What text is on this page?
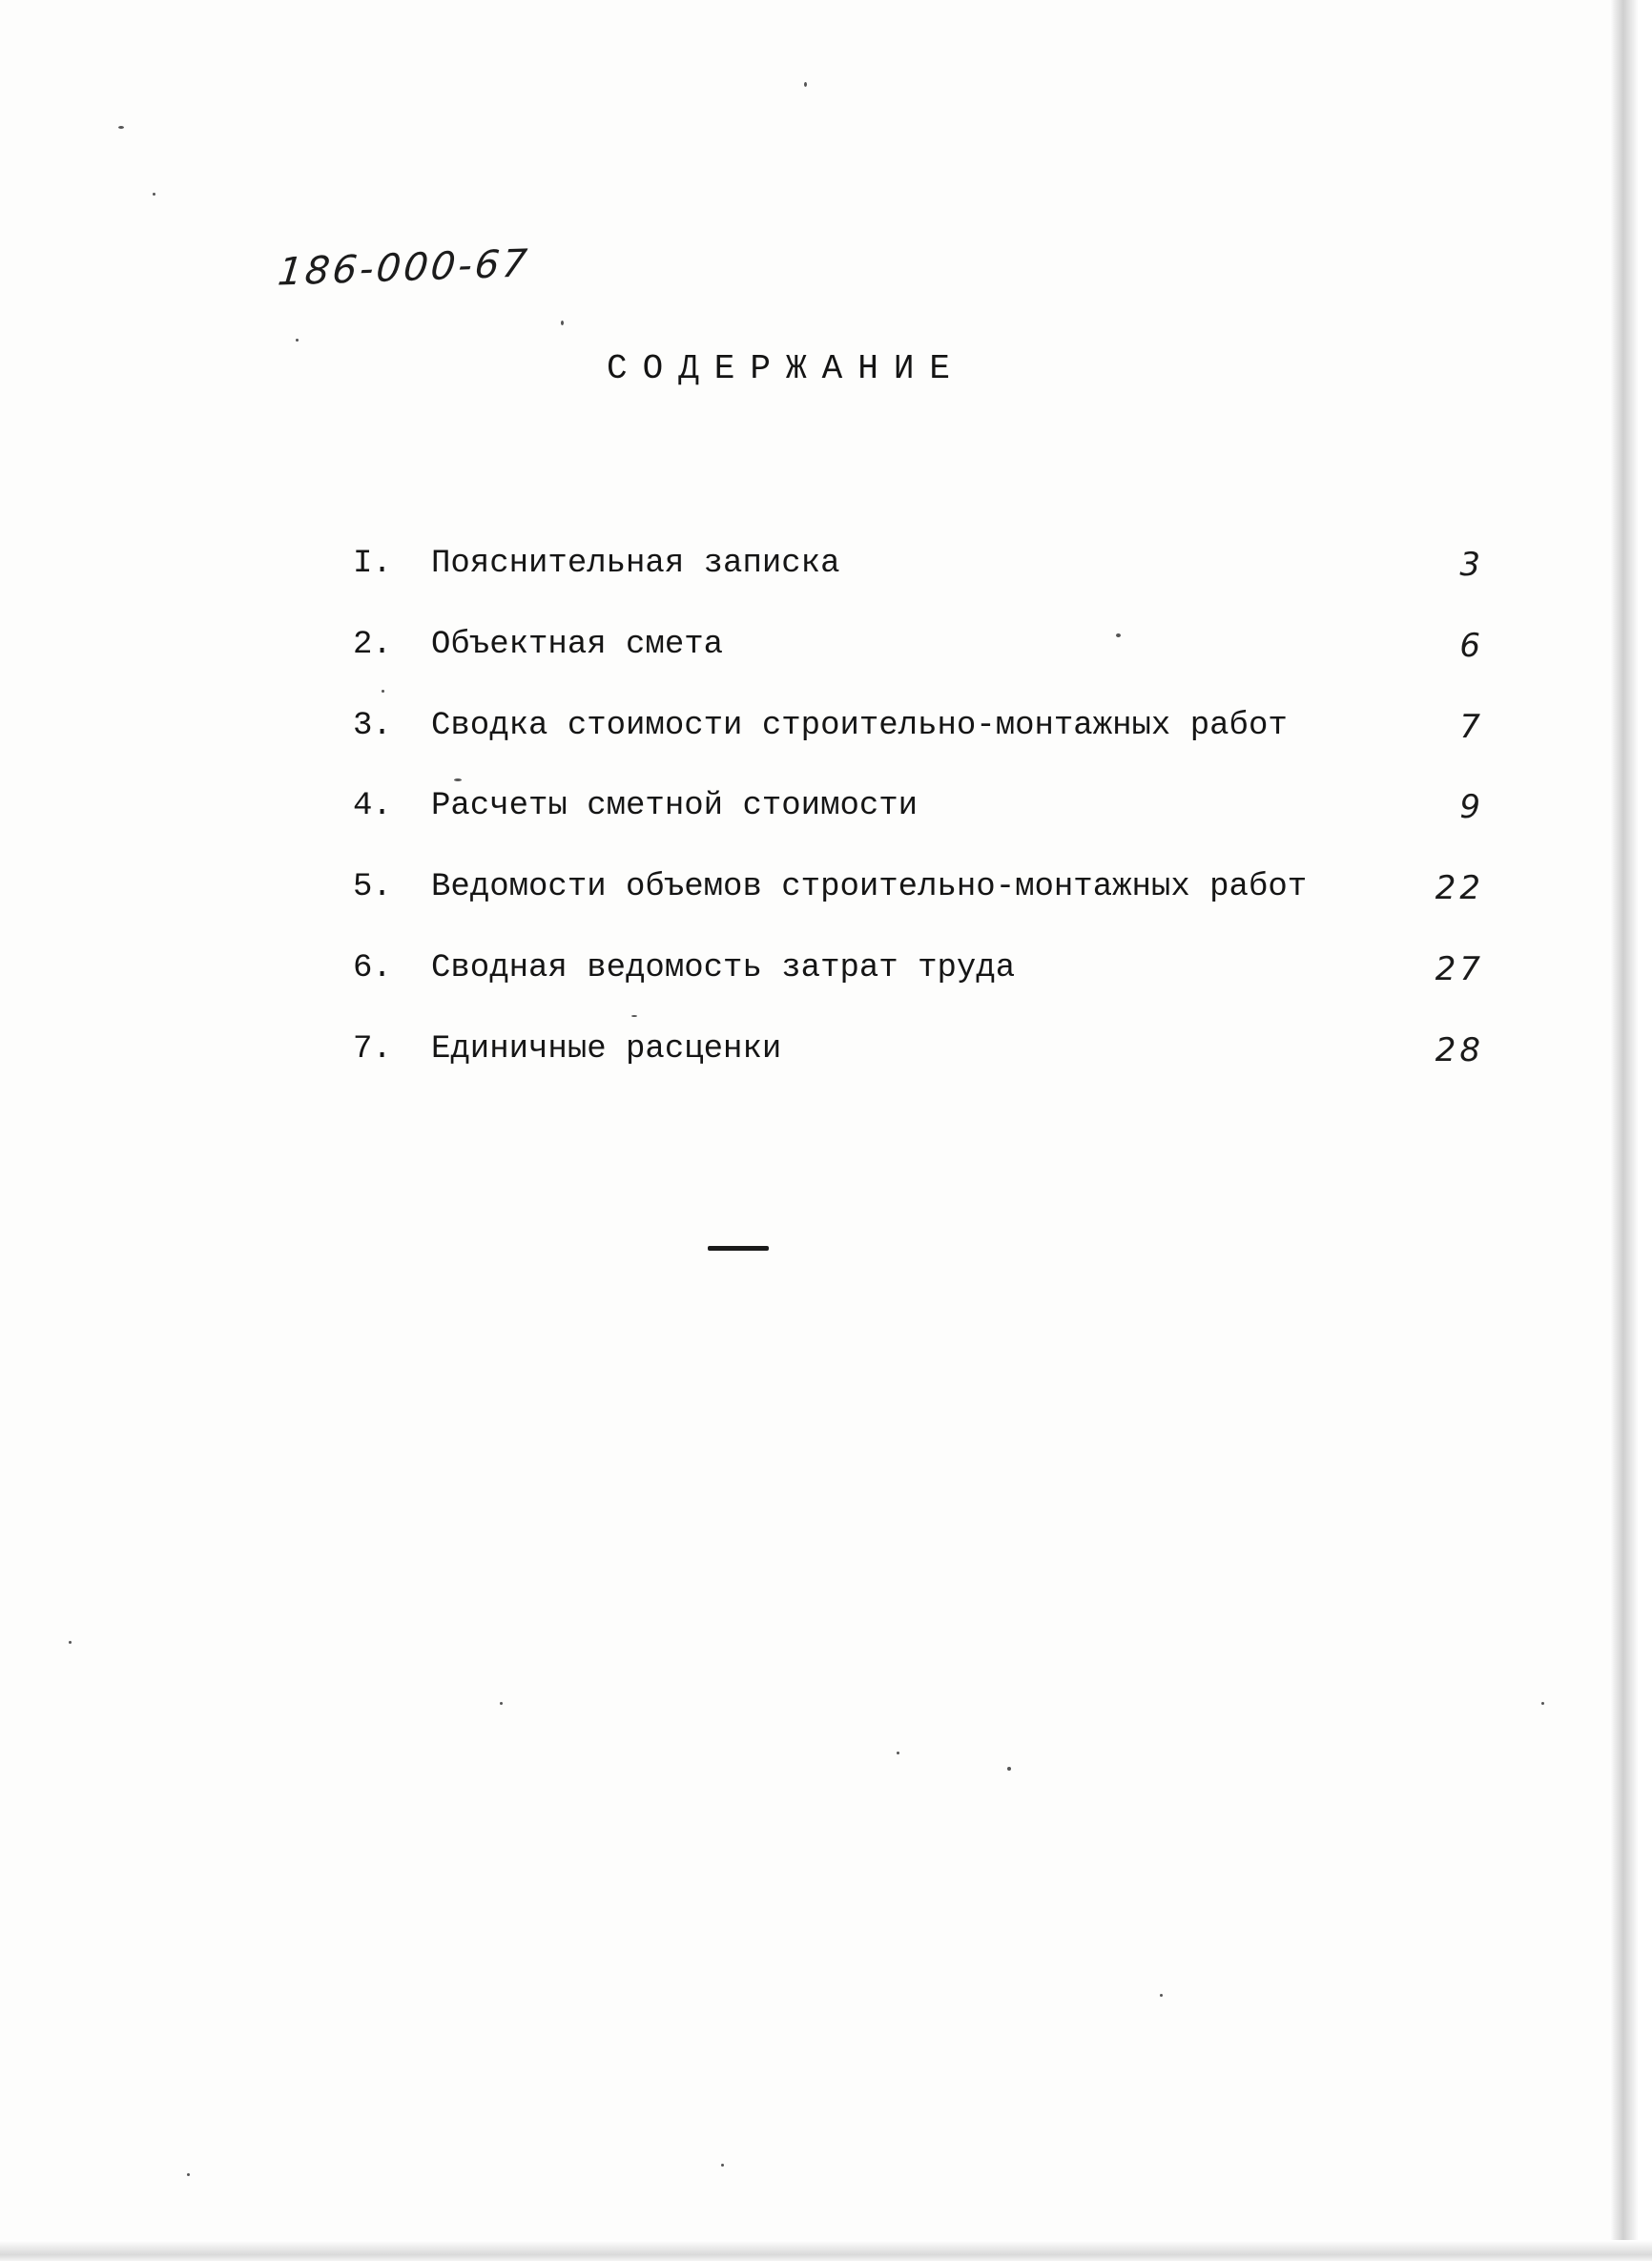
186-000-67
СОДЕРЖАНИЕ
I. Пояснительная записка	3
2. Объектная смета	6
3. Сводка стоимости строительно-монтажных работ	7
4. Расчеты сметной стоимости	9
5. Ведомости объемов строительно-монтажных работ	22
6. Сводная ведомость затрат труда	27
7. Единичные расценки	28
